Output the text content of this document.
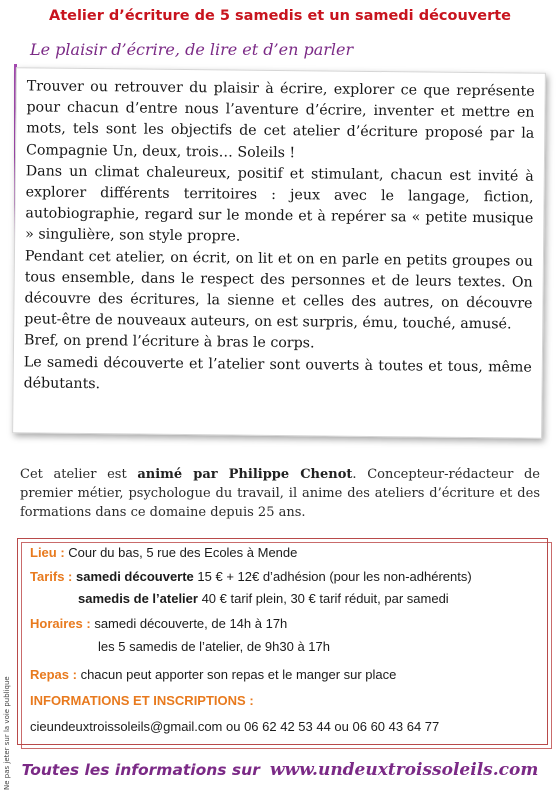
Atelier d’écriture de 5 samedis et un samedi découverte
Le plaisir d’écrire, de lire et d’en parler

Trouver ou retrouver du plaisir à écrire, explorer ce que représente pour chacun d’entre nous l’aventure d’écrire, inventer et mettre en mots, tels sont les objectifs de cet atelier d’écriture proposé par la Compagnie Un, deux, trois… Soleils !

Dans un climat chaleureux, positif et stimulant, chacun est invité à explorer différents territoires : jeux avec le langage, fiction, autobiographie, regard sur le monde et à repérer sa « petite musique » singulière, son style propre.

Pendant cet atelier, on écrit, on lit et on en parle en petits groupes ou tous ensemble, dans le respect des personnes et de leurs textes. On découvre des écritures, la sienne et celles des autres, on découvre peut-être de nouveaux auteurs, on est surpris, ému, touché, amusé.

Bref, on prend l’écriture à bras le corps.

Le samedi découverte et l’atelier sont ouverts à toutes et tous, même débutants.

Cet atelier est animé par Philippe Chenot. Concepteur-rédacteur de premier métier, psychologue du travail, il anime des ateliers d’écriture et des formations dans ce domaine depuis 25 ans.
Lieu : Cour du bas, 5 rue des Ecoles à Mende
Tarifs : samedi découverte 15 € + 12€ d’adhésion (pour les non-adhérents)
samedis de l’atelier 40 € tarif plein, 30 € tarif réduit, par samedi
Horaires : samedi découverte, de 14h à 17h
les 5 samedis de l’atelier, de 9h30 à 17h
Repas : chacun peut apporter son repas et le manger sur place
INFORMATIONS ET INSCRIPTIONS :
cieundeuxtroissoleils@gmail.com ou 06 62 42 53 44 ou 06 60 43 64 77
Ne pas jeter sur la voie publique Toutes les informations sur www.undeuxtroissoleils.com
